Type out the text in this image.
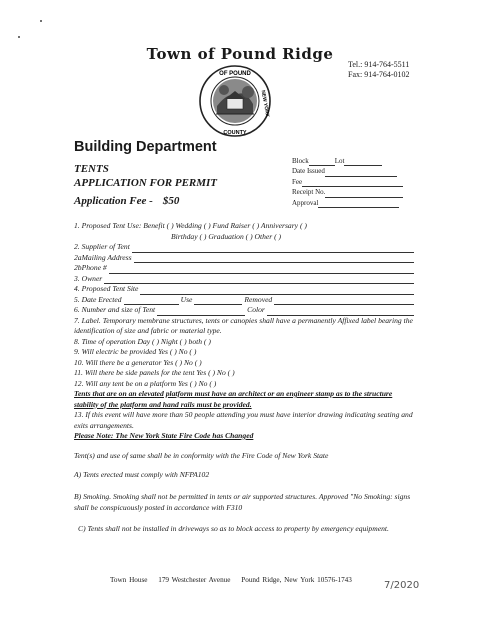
Town of Pound Ridge
Tel.: 914-764-5511
Fax: 914-764-0102
OF POUND
COUNTY
NEW YORK
Building Department
TENTS
APPLICATION FOR PERMIT
Application Fee - $50
Block	Lot
Date Issued
Fee
Receipt No.
Approval
1. Proposed Tent Use: Benefit ( ) Wedding ( ) Fund Raiser ( ) Anniversary ( )
Birthday ( ) Graduation ( ) Other ( )
2. Supplier of Tent
2aMailing Address
2bPhone #
3. Owner
4. Proposed Tent Site
5. Date Erected	Use	Removed
6. Number and size of Tent	Color
7. Label. Temporary membrane structures, tents or canopies shall have a permanently Affixed label bearing the identification of size and fabric or material type.
8. Time of operation Day ( ) Night ( ) both ( )
9. Will electric be provided Yes ( ) No ( )
10. Will there be a generator Yes ( ) No ( )
11. Will there be side panels for the tent Yes ( ) No ( )
12. Will any tent be on a platform Yes ( ) No ( )
Tents that are on an elevated platform must have an architect or an engineer stamp as to the structure stability of the platform and hand rails must be provided.
13. If this event will have more than 50 people attending you must have interior drawing indicating seating and exits arrangements.
Please Note: The New York State Fire Code has Changed
Tent(s) and use of same shall be in conformity with the Fire Code of New York State
A) Tents erected must comply with NFPA102
B) Smoking. Smoking shall not be permitted in tents or air supported structures. Approved "No Smoking: signs shall be conspicuously posted in accordance with F310
C) Tents shall not be installed in driveways so as to block access to property by emergency equipment.
Town House 179 Westchester Avenue Pound Ridge, New York 10576-1743	7/2020
